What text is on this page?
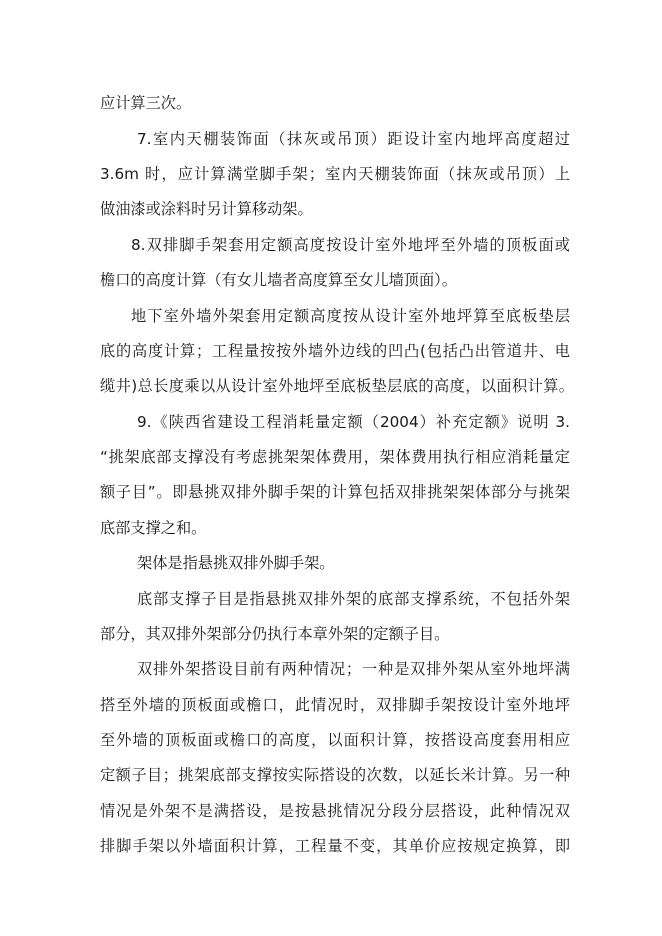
应计算三次。
7.室内天棚装饰面（抹灰或吊顶）距设计室内地坪高度超过
3.6m 时，应计算满堂脚手架；室内天棚装饰面（抹灰或吊顶）上
做油漆或涂料时另计算移动架。
8.双排脚手架套用定额高度按设计室外地坪至外墙的顶板面或
檐口的高度计算（有女儿墙者高度算至女儿墙顶面）。
地下室外墙外架套用定额高度按从设计室外地坪算至底板垫层
底的高度计算；工程量按按外墙外边线的凹凸(包括凸出管道井、电
缆井)总长度乘以从设计室外地坪至底板垫层底的高度，以面积计算。
9.《陕西省建设工程消耗量定额（2004）补充定额》说明 3.
“挑架底部支撑没有考虑挑架架体费用，架体费用执行相应消耗量定
额子目”。即悬挑双排外脚手架的计算包括双排挑架架体部分与挑架
底部支撑之和。
架体是指悬挑双排外脚手架。
底部支撑子目是指悬挑双排外架的底部支撑系统，不包括外架
部分，其双排外架部分仍执行本章外架的定额子目。
双排外架搭设目前有两种情况；一种是双排外架从室外地坪满
搭至外墙的顶板面或檐口，此情况时，双排脚手架按设计室外地坪
至外墙的顶板面或檐口的高度，以面积计算，按搭设高度套用相应
定额子目；挑架底部支撑按实际搭设的次数，以延长米计算。另一种
情况是外架不是满搭设，是按悬挑情况分段分层搭设，此种情况双
排脚手架以外墙面积计算，工程量不变，其单价应按规定换算，即
